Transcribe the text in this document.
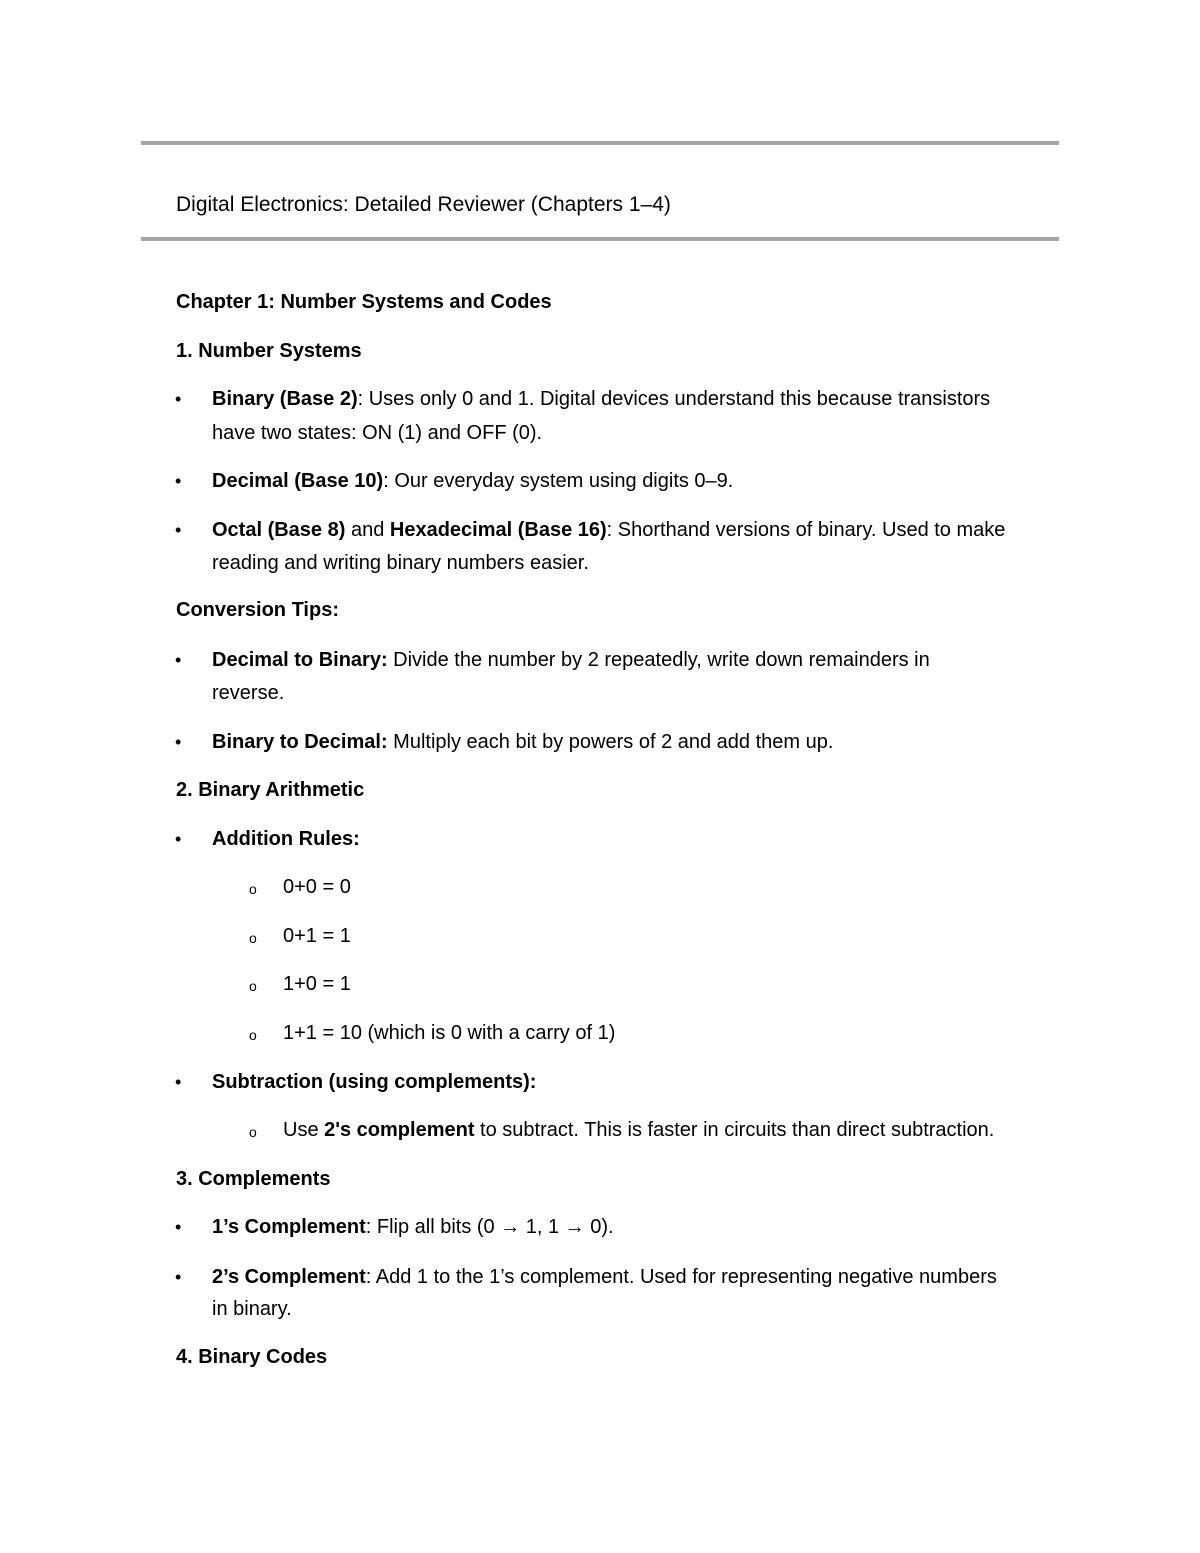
Digital Electronics: Detailed Reviewer (Chapters 1–4)
Chapter 1: Number Systems and Codes
1. Number Systems
• Binary (Base 2): Uses only 0 and 1. Digital devices understand this because transistors
have two states: ON (1) and OFF (0).
• Decimal (Base 10): Our everyday system using digits 0–9.
• Octal (Base 8) and Hexadecimal (Base 16): Shorthand versions of binary. Used to make
reading and writing binary numbers easier.
Conversion Tips:
• Decimal to Binary: Divide the number by 2 repeatedly, write down remainders in
reverse.
• Binary to Decimal: Multiply each bit by powers of 2 and add them up.
2. Binary Arithmetic
• Addition Rules:
o 0+0 = 0
o 0+1 = 1
o 1+0 = 1
o 1+1 = 10 (which is 0 with a carry of 1)
• Subtraction (using complements):
o Use 2's complement to subtract. This is faster in circuits than direct subtraction.
3. Complements
• 1’s Complement: Flip all bits (0 → 1, 1 → 0).
• 2’s Complement: Add 1 to the 1’s complement. Used for representing negative numbers
in binary.
4. Binary Codes
